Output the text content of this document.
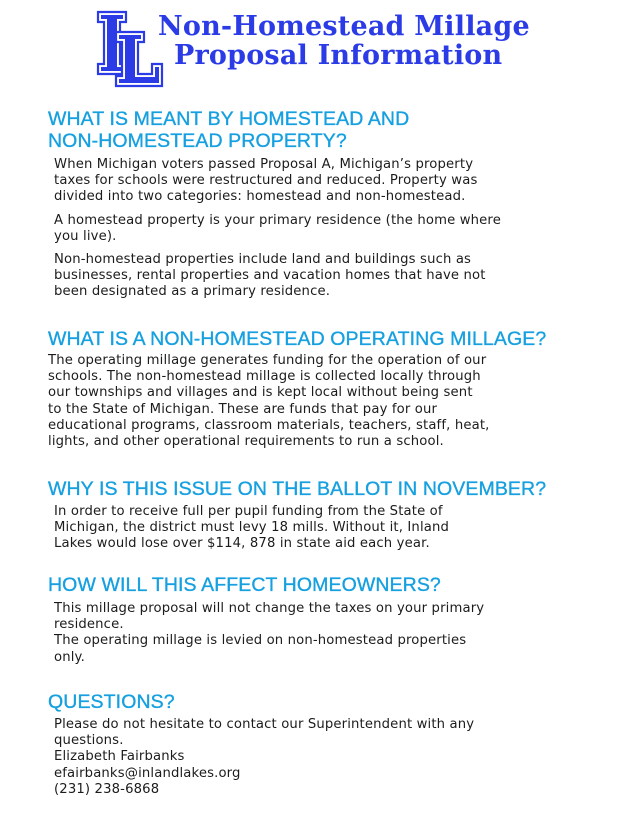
Non-Homestead Millage
Proposal Information
WHAT IS MEANT BY HOMESTEAD AND
NON-HOMESTEAD PROPERTY?

When Michigan voters passed Proposal A, Michigan’s property
taxes for schools were restructured and reduced. Property was
divided into two categories: homestead and non-homestead.

A homestead property is your primary residence (the home where
you live).

Non-homestead properties include land and buildings such as
businesses, rental properties and vacation homes that have not
been designated as a primary residence.

WHAT IS A NON-HOMESTEAD OPERATING MILLAGE?

The operating millage generates funding for the operation of our
schools. The non-homestead millage is collected locally through
our townships and villages and is kept local without being sent
to the State of Michigan. These are funds that pay for our
educational programs, classroom materials, teachers, staff, heat,
lights, and other operational requirements to run a school.

WHY IS THIS ISSUE ON THE BALLOT IN NOVEMBER?

In order to receive full per pupil funding from the State of
Michigan, the district must levy 18 mills. Without it, Inland
Lakes would lose over $114, 878 in state aid each year.

HOW WILL THIS AFFECT HOMEOWNERS?

This millage proposal will not change the taxes on your primary
residence.
The operating millage is levied on non-homestead properties
only.

QUESTIONS?

Please do not hesitate to contact our Superintendent with any
questions.
Elizabeth Fairbanks
efairbanks@inlandlakes.org
(231) 238-6868
